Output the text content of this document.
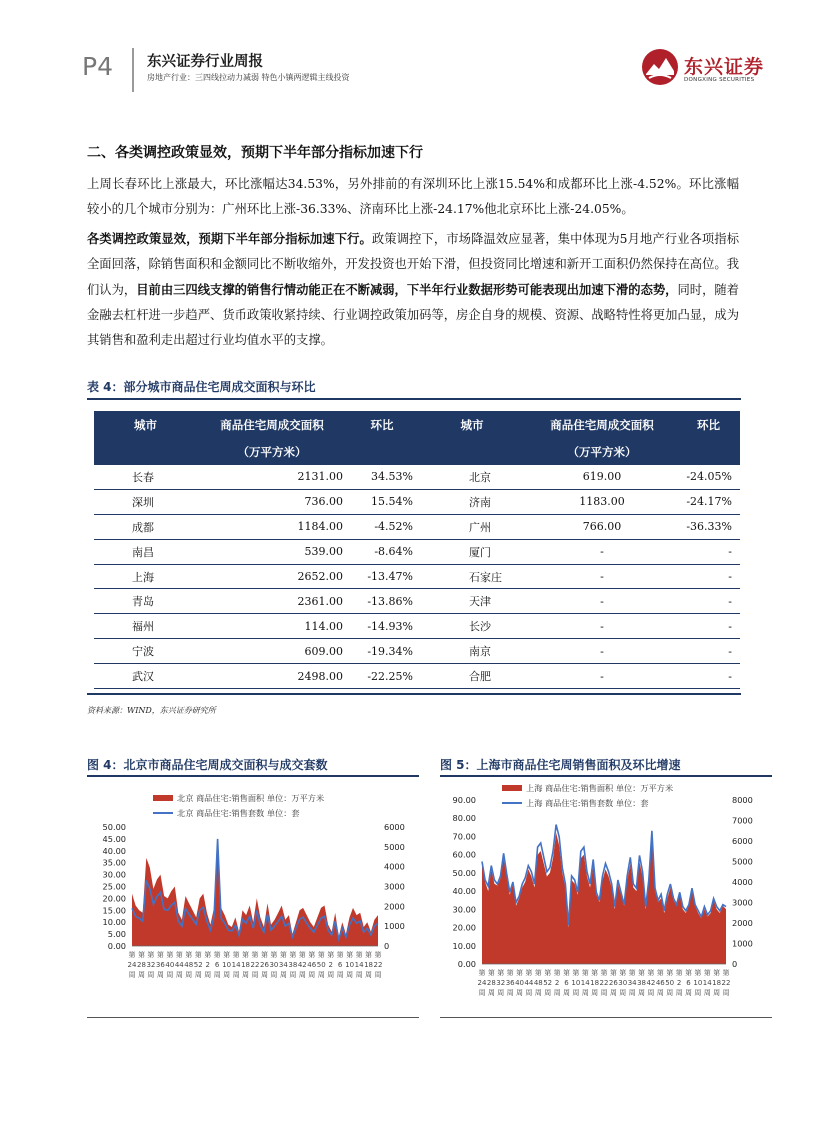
P4 东兴证券行业周报
房地产行业：三四线拉动力减弱 特色小镇两逻辑主线投资	东兴证券
DONGXING SECURITIES
二、各类调控政策显效，预期下半年部分指标加速下行
上周长春环比上涨最大，环比涨幅达34.53%，另外排前的有深圳环比上涨15.54%和成都环比上涨-4.52%。环比涨幅较小的几个城市分别为：广州环比上涨-36.33%、济南环比上涨-24.17%他北京环比上涨-24.05%。
各类调控政策显效，预期下半年部分指标加速下行。政策调控下，市场降温效应显著，集中体现为5月地产行业各项指标全面回落，除销售面积和金额同比不断收缩外，开发投资也开始下滑，但投资同比增速和新开工面积仍然保持在高位。我们认为，目前由三四线支撑的销售行情动能正在不断减弱，下半年行业数据形势可能表现出加速下滑的态势，同时，随着金融去杠杆进一步趋严、货币政策收紧持续、行业调控政策加码等，房企自身的规模、资源、战略特性将更加凸显，成为其销售和盈利走出超过行业均值水平的支撑。
表 4：部分城市商品住宅周成交面积与环比
城市	商品住宅周成交面积	环比	城市	商品住宅周成交面积	环比
	（万平方米）			（万平方米）	
长春	2131.00	34.53%	北京	619.00	-24.05%
深圳	736.00	15.54%	济南	1183.00	-24.17%
成都	1184.00	-4.52%	广州	766.00	-36.33%
南昌	539.00	-8.64%	厦门	-	-
上海	2652.00	-13.47%	石家庄	-	-
青岛	2361.00	-13.86%	天津	-	-
福州	114.00	-14.93%	长沙	-	-
宁波	609.00	-19.34%	南京	-	-
武汉	2498.00	-22.25%	合肥	-	-
资料来源：WIND，东兴证券研究所
图 4：北京市商品住宅周成交面积与成交套数
北京 商品住宅:销售面积 单位：万平方米
北京 商品住宅:销售套数 单位：套
50.00
45.00
40.00
35.00
30.00
25.00
20.00
15.00
10.00
5.00
0.00
6000
5000
4000
3000
2000
1000
0
第
24
周
第
28
周
第
32
周
第
36
周
第
40
周
第
44
周
第
48
周
第
52
周
第
2
周
第
6
周
第
10
周
第
14
周
第
18
周
第
22
周
第
26
周
第
30
周
第
34
周
第
38
周
第
42
周
第
46
周
第
50
周
第
2
周
第
6
周
第
10
周
第
14
周
第
18
周
第
22
周
图 5：上海市商品住宅周销售面积及环比增速
上海 商品住宅:销售面积 单位：万平方米
上海 商品住宅:销售套数 单位：套
90.00
80.00
70.00
60.00
50.00
40.00
30.00
20.00
10.00
0.00
8000
7000
6000
5000
4000
3000
2000
1000
0
第
24
周
第
28
周
第
32
周
第
36
周
第
40
周
第
44
周
第
48
周
第
52
周
第
2
周
第
6
周
第
10
周
第
14
周
第
18
周
第
22
周
第
26
周
第
30
周
第
34
周
第
38
周
第
42
周
第
46
周
第
50
周
第
2
周
第
6
周
第
10
周
第
14
周
第
18
周
第
22
周
